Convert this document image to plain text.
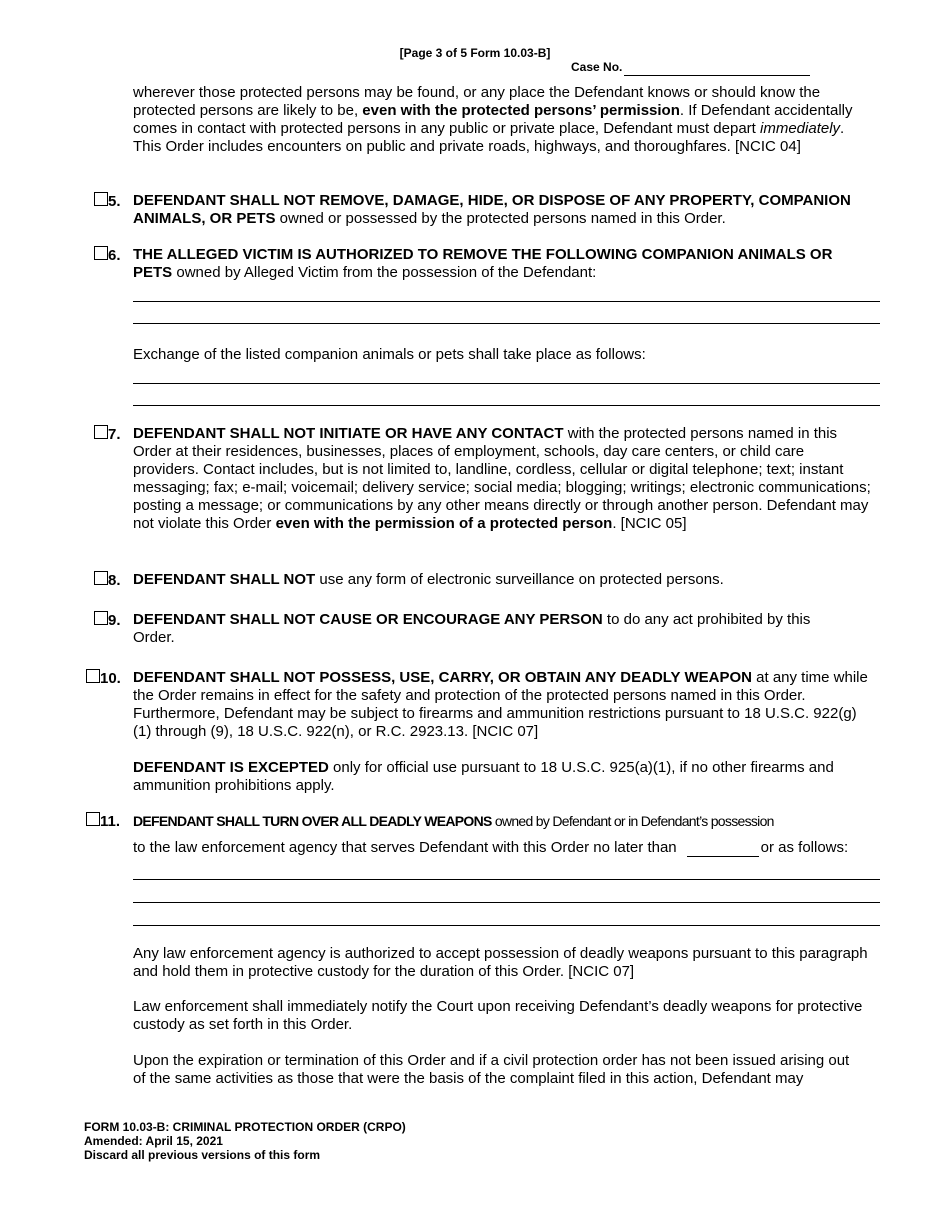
[Page 3 of 5 Form 10.03-B]
Case No.
wherever those protected persons may be found, or any place the Defendant knows or should know the protected persons are likely to be, even with the protected persons’ permission. If Defendant accidentally comes in contact with protected persons in any public or private place, Defendant must depart immediately. This Order includes encounters on public and private roads, highways, and thoroughfares. [NCIC 04]
5. DEFENDANT SHALL NOT REMOVE, DAMAGE, HIDE, OR DISPOSE OF ANY PROPERTY, COMPANION ANIMALS, OR PETS owned or possessed by the protected persons named in this Order.
6. THE ALLEGED VICTIM IS AUTHORIZED TO REMOVE THE FOLLOWING COMPANION ANIMALS OR PETS owned by Alleged Victim from the possession of the Defendant:
Exchange of the listed companion animals or pets shall take place as follows:
7. DEFENDANT SHALL NOT INITIATE OR HAVE ANY CONTACT with the protected persons named in this Order at their residences, businesses, places of employment, schools, day care centers, or child care providers. Contact includes, but is not limited to, landline, cordless, cellular or digital telephone; text; instant messaging; fax; e-mail; voicemail; delivery service; social media; blogging; writings; electronic communications; posting a message; or communications by any other means directly or through another person. Defendant may not violate this Order even with the permission of a protected person. [NCIC 05]
8. DEFENDANT SHALL NOT use any form of electronic surveillance on protected persons.
9. DEFENDANT SHALL NOT CAUSE OR ENCOURAGE ANY PERSON to do any act prohibited by this Order.
10. DEFENDANT SHALL NOT POSSESS, USE, CARRY, OR OBTAIN ANY DEADLY WEAPON at any time while the Order remains in effect for the safety and protection of the protected persons named in this Order. Furthermore, Defendant may be subject to firearms and ammunition restrictions pursuant to 18 U.S.C. 922(g)(1) through (9), 18 U.S.C. 922(n), or R.C. 2923.13. [NCIC 07]
DEFENDANT IS EXCEPTED only for official use pursuant to 18 U.S.C. 925(a)(1), if no other firearms and ammunition prohibitions apply.
11. DEFENDANT SHALL TURN OVER ALL DEADLY WEAPONS owned by Defendant or in Defendant’s possession
to the law enforcement agency that serves Defendant with this Order no later than	or as follows:
Any law enforcement agency is authorized to accept possession of deadly weapons pursuant to this paragraph and hold them in protective custody for the duration of this Order. [NCIC 07]
Law enforcement shall immediately notify the Court upon receiving Defendant’s deadly weapons for protective custody as set forth in this Order.
Upon the expiration or termination of this Order and if a civil protection order has not been issued arising out of the same activities as those that were the basis of the complaint filed in this action, Defendant may
FORM 10.03-B: CRIMINAL PROTECTION ORDER (CRPO)
Amended: April 15, 2021
Discard all previous versions of this form
